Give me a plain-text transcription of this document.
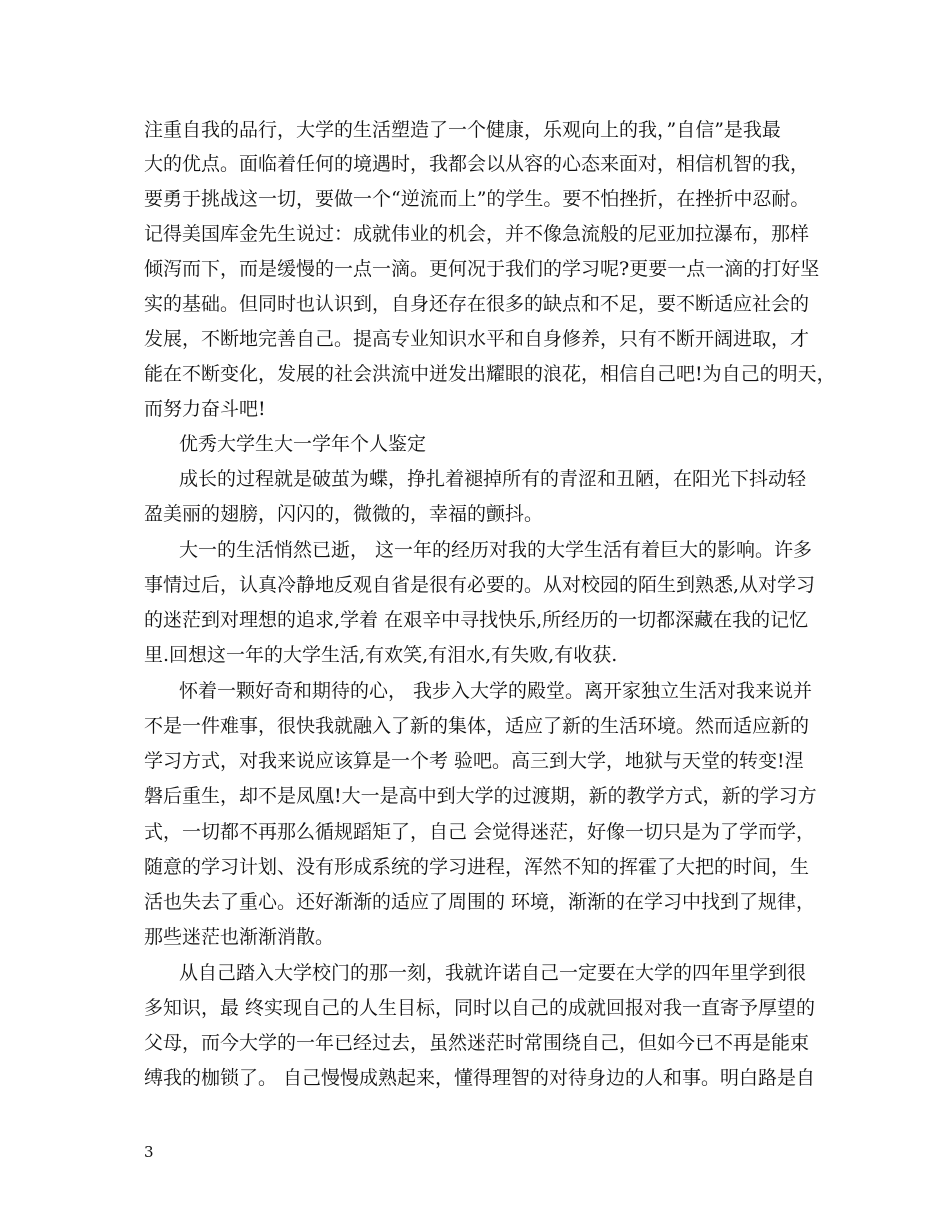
注重自我的品行，大学的生活塑造了一个健康，乐观向上的我，”自信”是我最
大的优点。面临着任何的境遇时，我都会以从容的心态来面对，相信机智的我，
要勇于挑战这一切，要做一个“逆流而上”的学生。要不怕挫折，在挫折中忍耐。
记得美国库金先生说过：成就伟业的机会，并不像急流般的尼亚加拉瀑布，那样
倾泻而下，而是缓慢的一点一滴。更何况于我们的学习呢?更要一点一滴的打好坚
实的基础。但同时也认识到，自身还存在很多的缺点和不足，要不断适应社会的
发展，不断地完善自己。提高专业知识水平和自身修养，只有不断开阔进取，才
能在不断变化，发展的社会洪流中迸发出耀眼的浪花，相信自己吧!为自己的明天，
而努力奋斗吧!
优秀大学生大一学年个人鉴定
成长的过程就是破茧为蝶，挣扎着褪掉所有的青涩和丑陋，在阳光下抖动轻
盈美丽的翅膀，闪闪的，微微的，幸福的颤抖。
大一的生活悄然已逝， 这一年的经历对我的大学生活有着巨大的影响。许多
事情过后，认真冷静地反观自省是很有必要的。从对校园的陌生到熟悉,从对学习
的迷茫到对理想的追求,学着 在艰辛中寻找快乐,所经历的一切都深藏在我的记忆
里.回想这一年的大学生活,有欢笑,有泪水,有失败,有收获.
怀着一颗好奇和期待的心， 我步入大学的殿堂。离开家独立生活对我来说并
不是一件难事，很快我就融入了新的集体，适应了新的生活环境。然而适应新的
学习方式，对我来说应该算是一个考 验吧。高三到大学，地狱与天堂的转变!涅
磐后重生，却不是凤凰!大一是高中到大学的过渡期，新的教学方式，新的学习方
式，一切都不再那么循规蹈矩了，自己 会觉得迷茫，好像一切只是为了学而学，
随意的学习计划、没有形成系统的学习进程，浑然不知的挥霍了大把的时间，生
活也失去了重心。还好渐渐的适应了周围的 环境，渐渐的在学习中找到了规律，
那些迷茫也渐渐消散。
从自己踏入大学校门的那一刻，我就许诺自己一定要在大学的四年里学到很
多知识，最 终实现自己的人生目标，同时以自己的成就回报对我一直寄予厚望的
父母，而今大学的一年已经过去，虽然迷茫时常围绕自己，但如今已不再是能束
缚我的枷锁了。 自己慢慢成熟起来，懂得理智的对待身边的人和事。明白路是自
3
